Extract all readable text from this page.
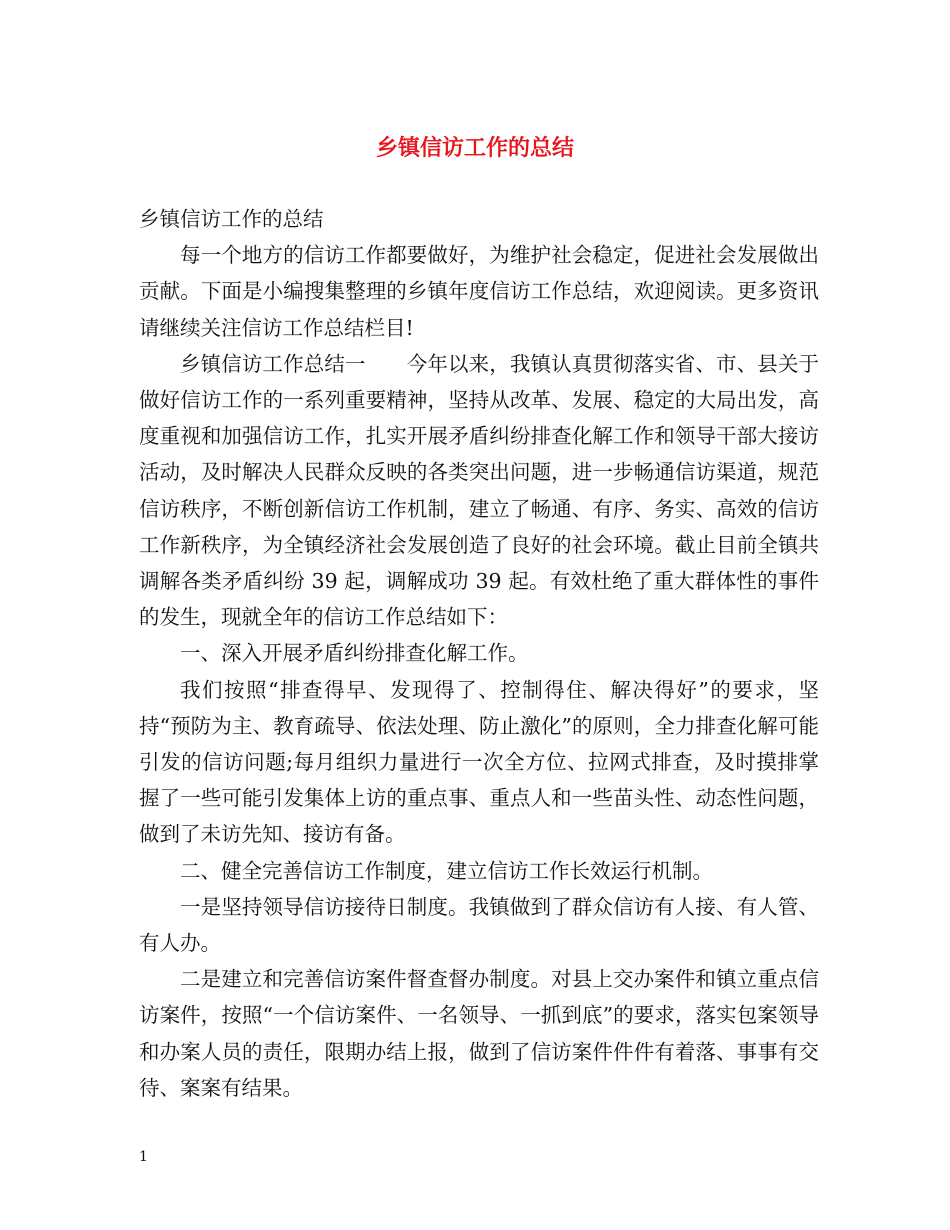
乡镇信访工作的总结

乡镇信访工作的总结

每一个地方的信访工作都要做好，为维护社会稳定，促进社会发展做出贡献。下面是小编搜集整理的乡镇年度信访工作总结，欢迎阅读。更多资讯请继续关注信访工作总结栏目!

乡镇信访工作总结一　　今年以来，我镇认真贯彻落实省、市、县关于做好信访工作的一系列重要精神，坚持从改革、发展、稳定的大局出发，高度重视和加强信访工作，扎实开展矛盾纠纷排查化解工作和领导干部大接访活动，及时解决人民群众反映的各类突出问题，进一步畅通信访渠道，规范信访秩序，不断创新信访工作机制，建立了畅通、有序、务实、高效的信访工作新秩序，为全镇经济社会发展创造了良好的社会环境。截止目前全镇共调解各类矛盾纠纷 39 起，调解成功 39 起。有效杜绝了重大群体性的事件的发生，现就全年的信访工作总结如下：

一、深入开展矛盾纠纷排查化解工作。

我们按照“排查得早、发现得了、控制得住、解决得好”的要求，坚持“预防为主、教育疏导、依法处理、防止激化”的原则，全力排查化解可能引发的信访问题;每月组织力量进行一次全方位、拉网式排查，及时摸排掌握了一些可能引发集体上访的重点事、重点人和一些苗头性、动态性问题，做到了未访先知、接访有备。

二、健全完善信访工作制度，建立信访工作长效运行机制。

一是坚持领导信访接待日制度。我镇做到了群众信访有人接、有人管、有人办。

二是建立和完善信访案件督查督办制度。对县上交办案件和镇立重点信访案件，按照“一个信访案件、一名领导、一抓到底”的要求，落实包案领导和办案人员的责任，限期办结上报，做到了信访案件件件有着落、事事有交待、案案有结果。

1
